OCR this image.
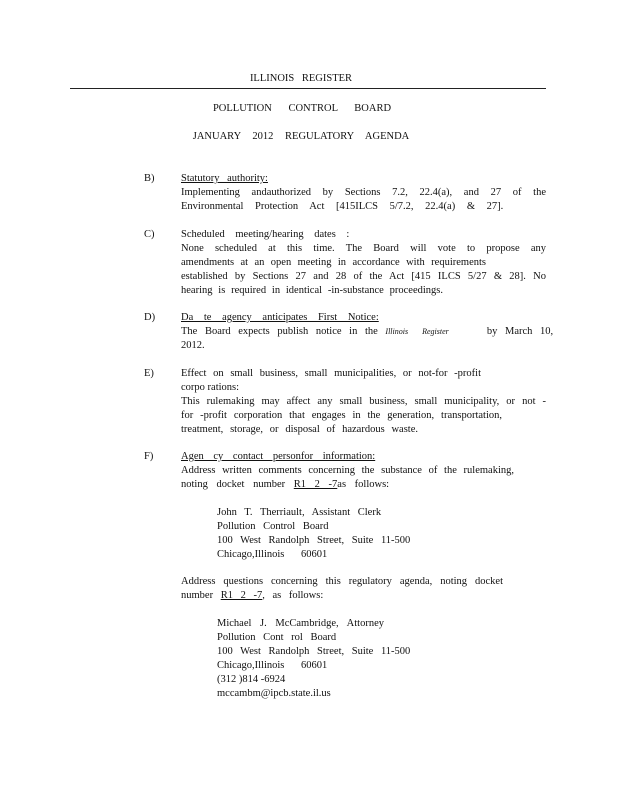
ILLINOIS REGISTER
POLLUTION CONTROL BOARD
JANUARY 2012 REGULATORY AGENDA
B)	Statutory authority:
Implementing andauthorized by Sections 7.2, 22.4(a), and 27 of the
Environmental Protection Act [415ILCS 5/7.2, 22.4(a) & 27].
C)	Scheduled meeting/hearing dates :
None scheduled at this time. The Board will vote to propose any
amendments at an open meeting in accordance with requirements
established by Sections 27 and 28 of the Act [415 ILCS 5/27 & 28]. No
hearing is required in identical -in-substance proceedings.
D)	Da te agency anticipates First Notice:
The Board expects publish notice in the Illinois Register	by March 10,
2012.
E)	Effect on small business, small municipalities, or not-for -profit
corpo rations:
This rulemaking may affect any small business, small municipality, or not -
for -profit corporation that engages in the generation, transportation,
treatment, storage, or disposal of hazardous waste.
F)	Agen cy contact personfor information:
Address written comments concerning the substance of the rulemaking,
noting docket number R1 2 -7as follows:
John T. Therriault, Assistant Clerk
Pollution Control Board
100 West Randolph Street, Suite 11-500
Chicago,Illinois 60601
Address questions concerning this regulatory agenda, noting docket
number R1 2 -7, as follows:
Michael J. McCambridge, Attorney
Pollution Cont rol Board
100 West Randolph Street, Suite 11-500
Chicago,Illinois 60601
(312 )814 -6924
mccambm@ipcb.state.il.us
